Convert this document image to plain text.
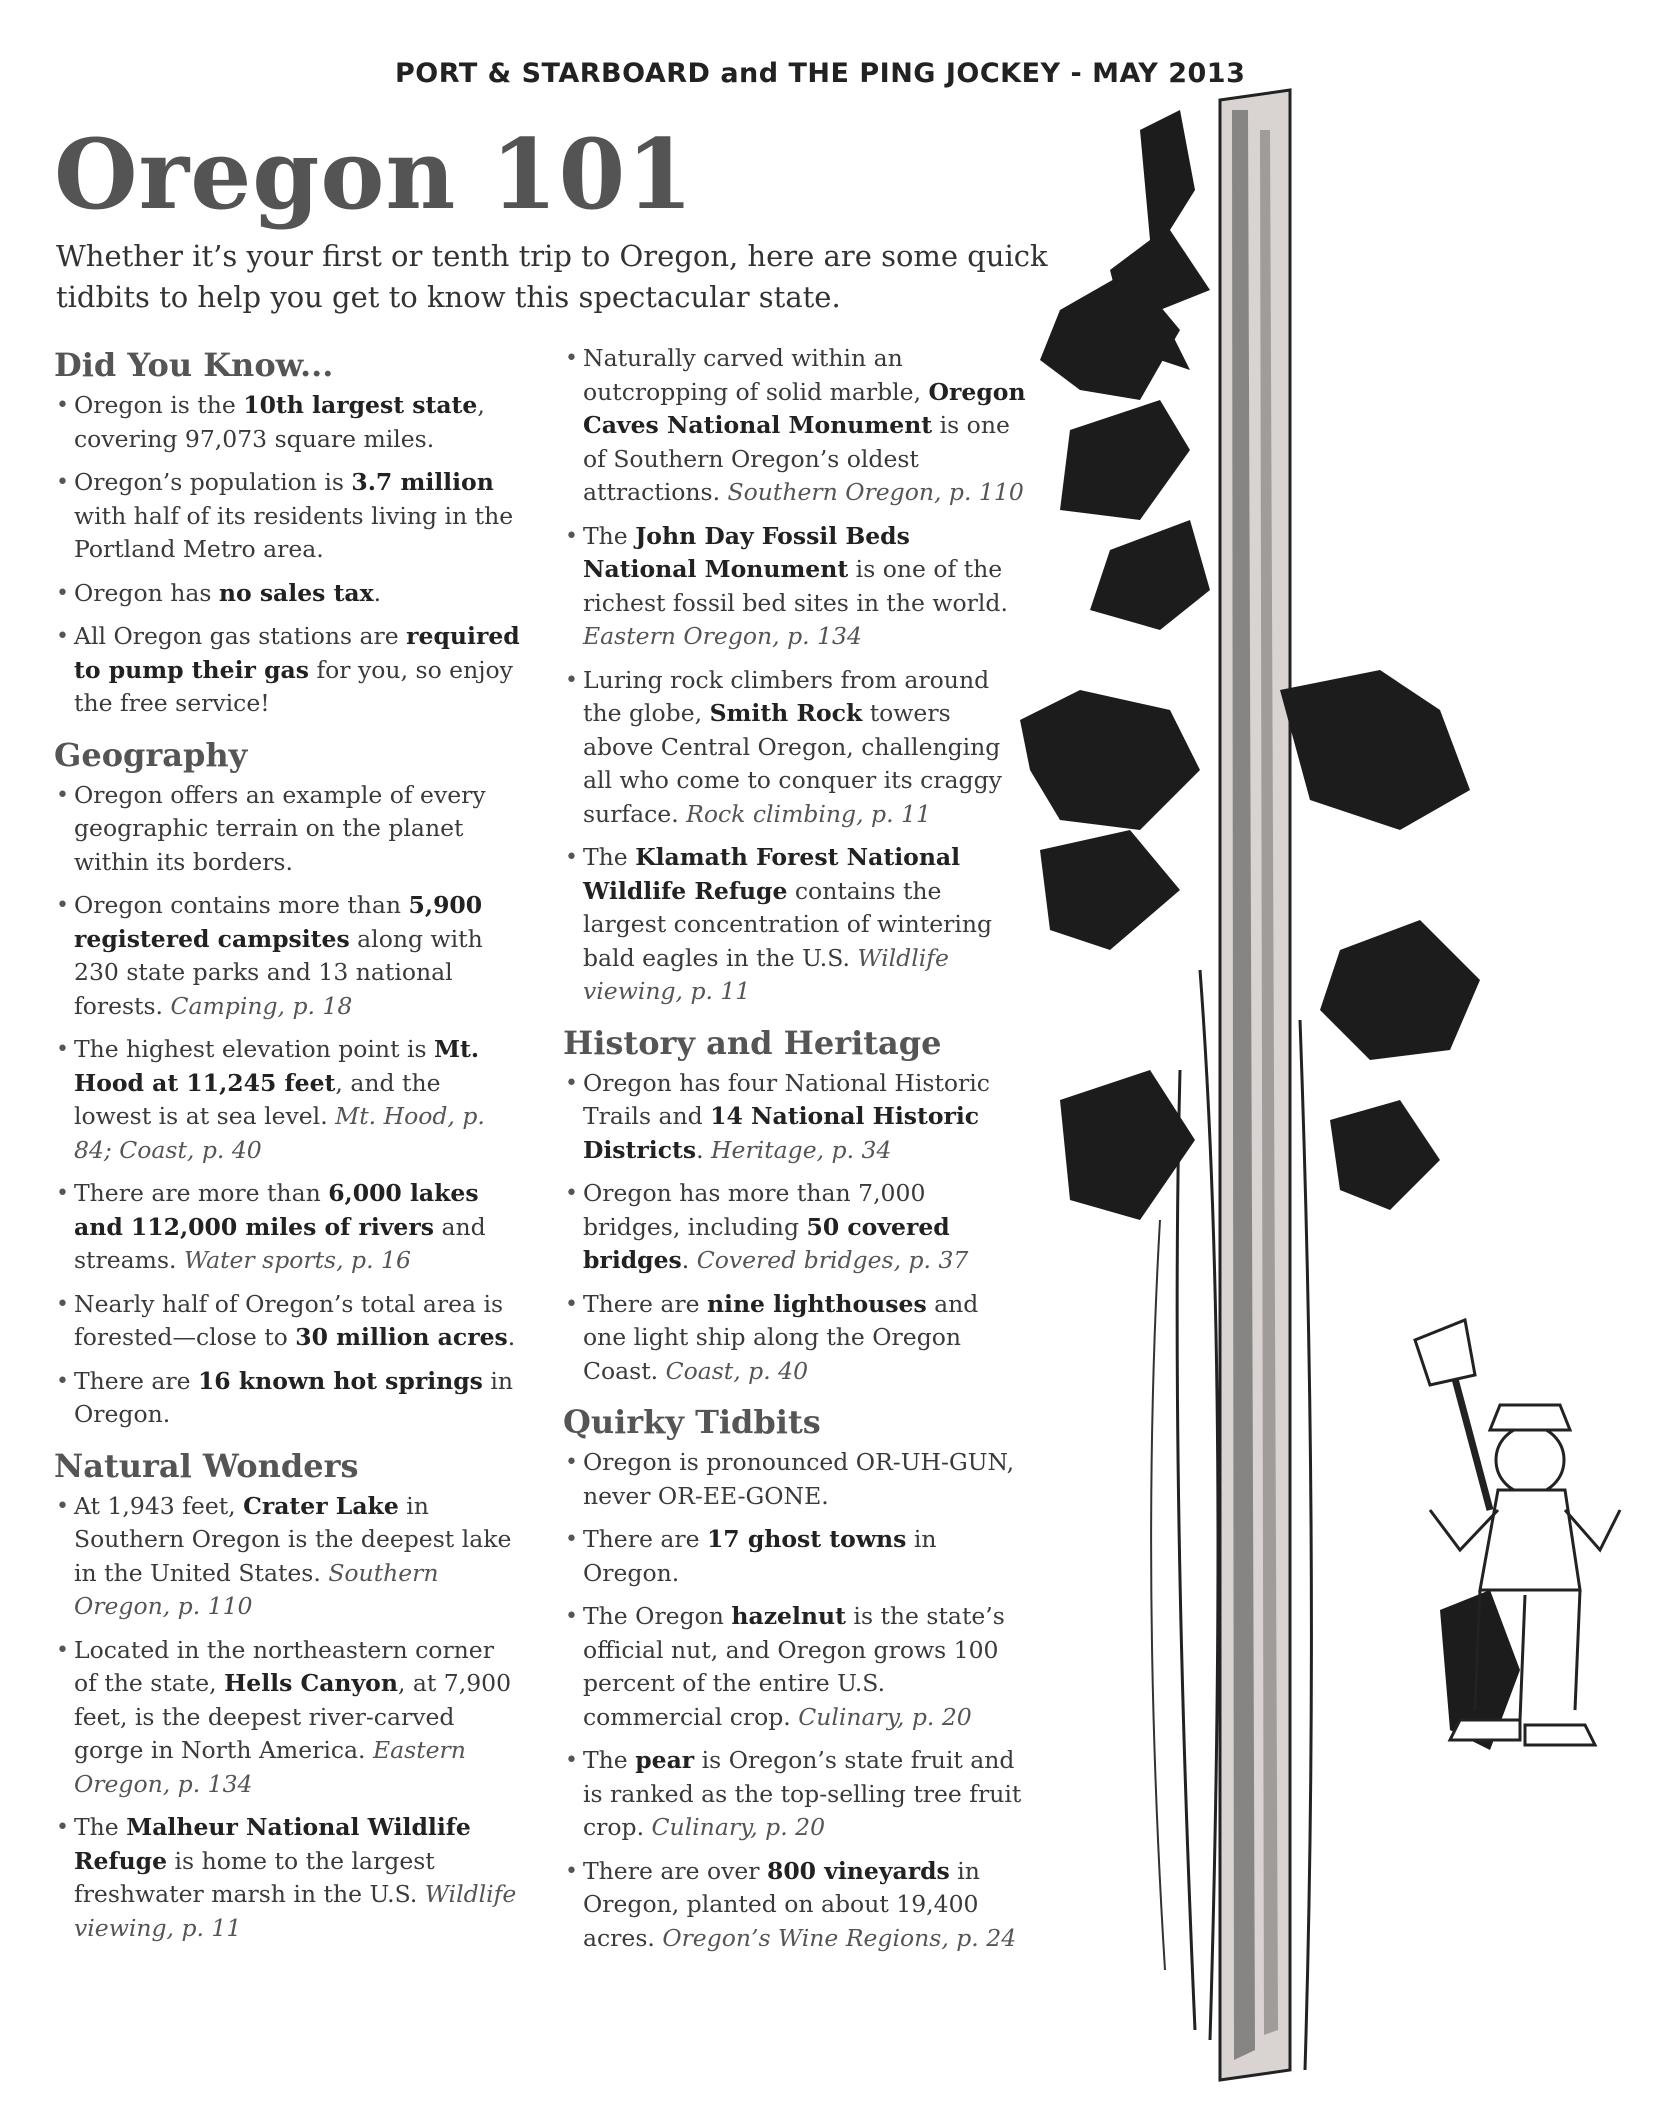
PORT & STARBOARD and THE PING JOCKEY - MAY 2013
Oregon 101

Whether it’s your first or tenth trip to Oregon, here are some quick tidbits to help you get to know this spectacular state.

Did You Know...
• Oregon is the 10th largest state, covering 97,073 square miles.
• Oregon’s population is 3.7 million with half of its residents living in the Portland Metro area.
• Oregon has no sales tax.
• All Oregon gas stations are required to pump their gas for you, so enjoy the free service!
Geography
• Oregon offers an example of every geographic terrain on the planet within its borders.
• Oregon contains more than 5,900 registered campsites along with 230 state parks and 13 national forests. Camping, p. 18
• The highest elevation point is Mt. Hood at 11,245 feet, and the lowest is at sea level. Mt. Hood, p. 84; Coast, p. 40
• There are more than 6,000 lakes and 112,000 miles of rivers and streams. Water sports, p. 16
• Nearly half of Oregon’s total area is forested—close to 30 million acres.
• There are 16 known hot springs in Oregon.
Natural Wonders
• At 1,943 feet, Crater Lake in Southern Oregon is the deepest lake in the United States. Southern Oregon, p. 110
• Located in the northeastern corner of the state, Hells Canyon, at 7,900 feet, is the deepest river-carved gorge in North America. Eastern Oregon, p. 134
• The Malheur National Wildlife Refuge is home to the largest freshwater marsh in the U.S. Wildlife viewing, p. 11
• Naturally carved within an outcropping of solid marble, Oregon Caves National Monument is one of Southern Oregon’s oldest attractions. Southern Oregon, p. 110
• The John Day Fossil Beds National Monument is one of the richest fossil bed sites in the world. Eastern Oregon, p. 134
• Luring rock climbers from around the globe, Smith Rock towers above Central Oregon, challenging all who come to conquer its craggy surface. Rock climbing, p. 11
• The Klamath Forest National Wildlife Refuge contains the largest concentration of wintering bald eagles in the U.S. Wildlife viewing, p. 11
History and Heritage
• Oregon has four National Historic Trails and 14 National Historic Districts. Heritage, p. 34
• Oregon has more than 7,000 bridges, including 50 covered bridges. Covered bridges, p. 37
• There are nine lighthouses and one light ship along the Oregon Coast. Coast, p. 40
Quirky Tidbits
• Oregon is pronounced OR-UH-GUN, never OR-EE-GONE.
• There are 17 ghost towns in Oregon.
• The Oregon hazelnut is the state’s official nut, and Oregon grows 100 percent of the entire U.S. commercial crop. Culinary, p. 20
• The pear is Oregon’s state fruit and is ranked as the top-selling tree fruit crop. Culinary, p. 20
• There are over 800 vineyards in Oregon, planted on about 19,400 acres. Oregon’s Wine Regions, p. 24
